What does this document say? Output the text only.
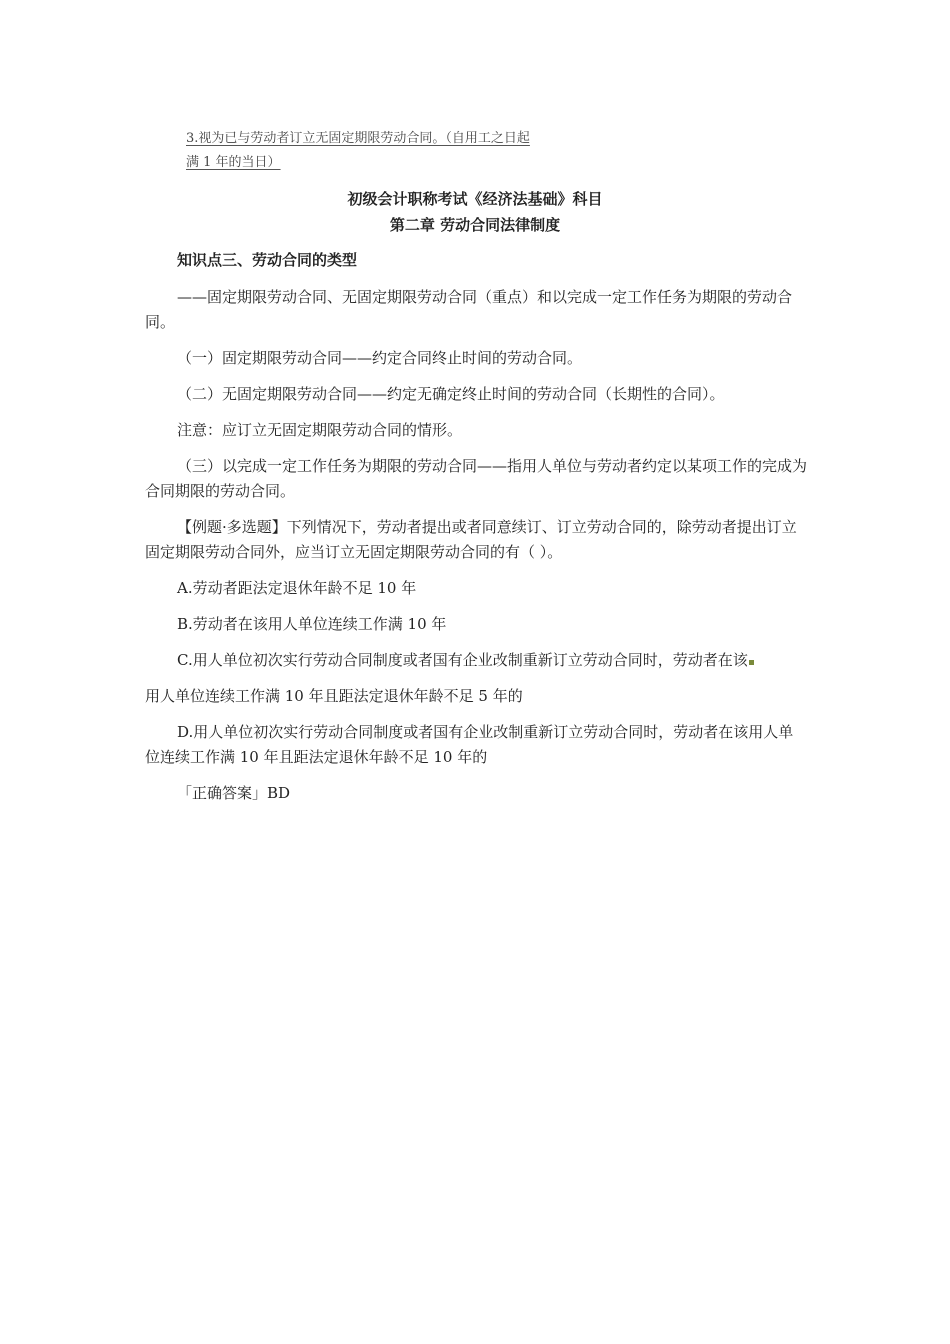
3.视为已与劳动者订立无固定期限劳动合同。（自用工之日起
满 1 年的当日）
初级会计职称考试《经济法基础》科目
第二章 劳动合同法律制度

知识点三、劳动合同的类型

——固定期限劳动合同、无固定期限劳动合同（重点）和以完成一定工作任务为期限的劳动合同。

（一）固定期限劳动合同——约定合同终止时间的劳动合同。

（二）无固定期限劳动合同——约定无确定终止时间的劳动合同（长期性的合同）。

注意：应订立无固定期限劳动合同的情形。

（三）以完成一定工作任务为期限的劳动合同——指用人单位与劳动者约定以某项工作的完成为合同期限的劳动合同。

【例题·多选题】下列情况下，劳动者提出或者同意续订、订立劳动合同的，除劳动者提出订立固定期限劳动合同外，应当订立无固定期限劳动合同的有（ ）。

A.劳动者距法定退休年龄不足 10 年

B.劳动者在该用人单位连续工作满 10 年

C.用人单位初次实行劳动合同制度或者国有企业改制重新订立劳动合同时，劳动者在该

用人单位连续工作满 10 年且距法定退休年龄不足 5 年的

D.用人单位初次实行劳动合同制度或者国有企业改制重新订立劳动合同时，劳动者在该用人单位连续工作满 10 年且距法定退休年龄不足 10 年的

「正确答案」BD
